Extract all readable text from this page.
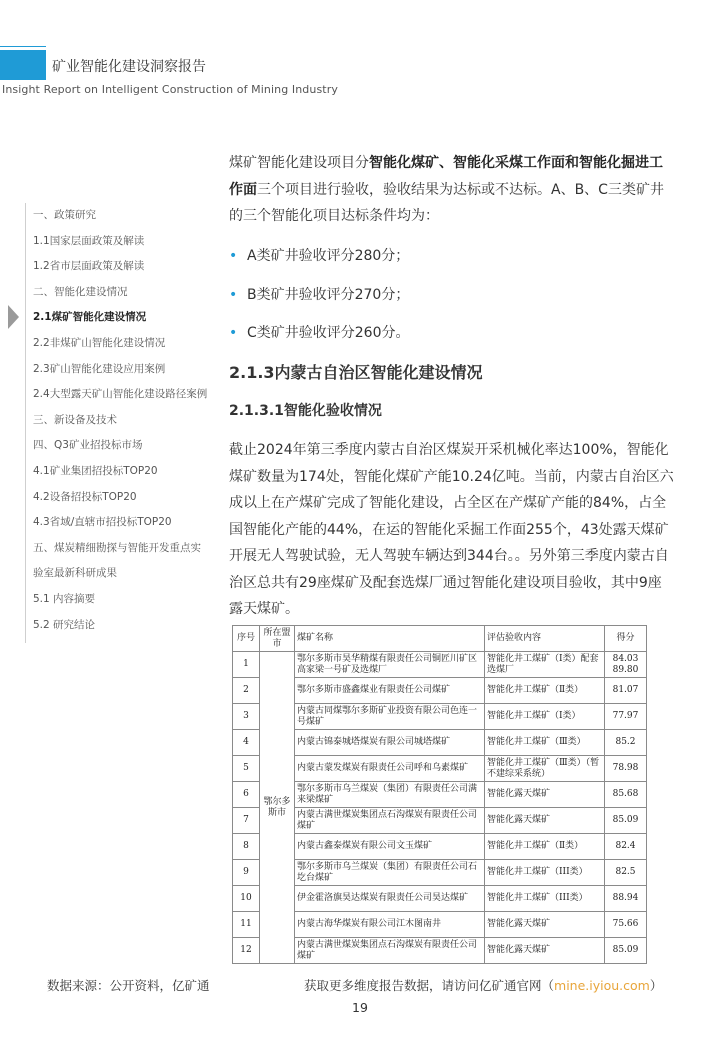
矿业智能化建设洞察报告
Insight Report on Intelligent Construction of Mining Industry
一、政策研究
1.1国家层面政策及解读
1.2省市层面政策及解读
二、智能化建设情况
2.1煤矿智能化建设情况
2.2非煤矿山智能化建设情况
2.3矿山智能化建设应用案例
2.4大型露天矿山智能化建设路径案例
三、新设备及技术
四、Q3矿业招投标市场
4.1矿业集团招投标TOP20
4.2设备招投标TOP20
4.3省域/直辖市招投标TOP20
五、煤炭精细勘探与智能开发重点实
验室最新科研成果
5.1 内容摘要
5.2 研究结论
煤矿智能化建设项目分智能化煤矿、智能化采煤工作面和智能化掘进工作面三个项目进行验收，验收结果为达标或不达标。A、B、C三类矿井的三个智能化项目达标条件均为：
• A类矿井验收评分280分；
• B类矿井验收评分270分；
• C类矿井验收评分260分。
2.1.3内蒙古自治区智能化建设情况
2.1.3.1智能化验收情况
截止2024年第三季度内蒙古自治区煤炭开采机械化率达100%，智能化煤矿数量为174处，智能化煤矿产能10.24亿吨。当前，内蒙古自治区六成以上在产煤矿完成了智能化建设，占全区在产煤矿产能的84%，占全国智能化产能的44%，在运的智能化采掘工作面255个，43处露天煤矿开展无人驾驶试验，无人驾驶车辆达到344台。。另外第三季度内蒙古自治区总共有29座煤矿及配套选煤厂通过智能化建设项目验收，其中9座露天煤矿。
序号	所在盟市	煤矿名称	评估验收内容	得分
1	鄂尔多斯市	鄂尔多斯市昊华精煤有限责任公司铜匠川矿区高家梁一号矿及选煤厂	智能化井工煤矿（I类）配套选煤厂	84.03 89.80
2		鄂尔多斯市盛鑫煤业有限责任公司煤矿	智能化井工煤矿（Ⅱ类）	81.07
3		内蒙古同煤鄂尔多斯矿业投资有限公司色连一号煤矿	智能化井工煤矿（I类）	77.97
4		内蒙古锦泰城塔煤炭有限公司城塔煤矿	智能化井工煤矿（Ⅲ类）	85.2
5		内蒙古蒙发煤炭有限责任公司呼和乌素煤矿	智能化井工煤矿（Ⅲ类）（暂不建综采系统）	78.98
6		鄂尔多斯市乌兰煤炭（集团）有限责任公司满来梁煤矿	智能化露天煤矿	85.68
7		内蒙古满世煤炭集团点石沟煤炭有限责任公司煤矿	智能化露天煤矿	85.09
8		内蒙古鑫泰煤炭有限公司文玉煤矿	智能化井工煤矿（Ⅱ类）	82.4
9		鄂尔多斯市乌兰煤炭（集团）有限责任公司石圪台煤矿	智能化井工煤矿（III类）	82.5
10		伊金霍洛旗昊达煤炭有限责任公司昊达煤矿	智能化井工煤矿（III类）	88.94
11		内蒙古海华煤炭有限公司江木图南井	智能化露天煤矿	75.66
12		内蒙古满世煤炭集团点石沟煤炭有限责任公司煤矿	智能化露天煤矿	85.09
数据来源：公开资料，亿矿通	获取更多维度报告数据，请访问亿矿通官网（mine.iyiou.com）
19
